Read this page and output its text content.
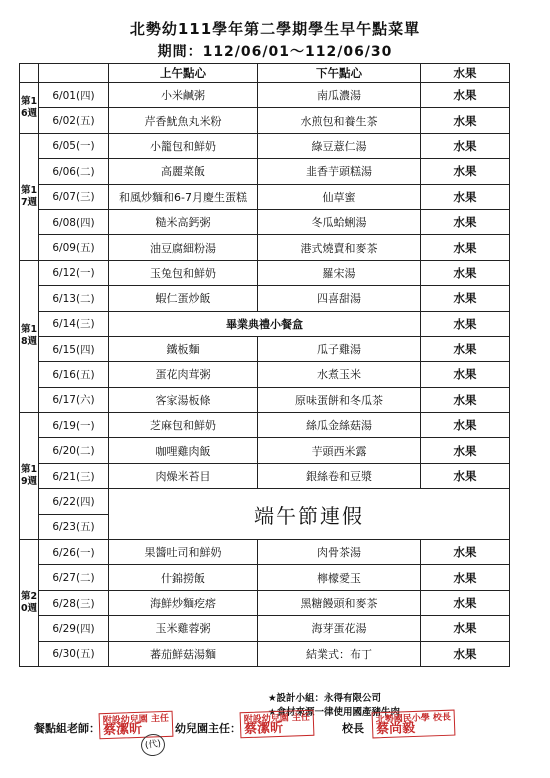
北勢幼111學年第二學期學生早午點菜單
期間：112/06/01～112/06/30
		上午點心	下午點心	水果
第16週	6/01(四)	小米鹹粥	南瓜濃湯	水果
	6/02(五)	芹香魷魚丸米粉	水煎包和養生茶	水果
第17週	6/05(一)	小籠包和鮮奶	綠豆薏仁湯	水果
	6/06(二)	高麗菜飯	韭香芋頭糕湯	水果
	6/07(三)	和風炒麵和6-7月慶生蛋糕	仙草蜜	水果
	6/08(四)	糙米高鈣粥	冬瓜蛤蜊湯	水果
	6/09(五)	油豆腐細粉湯	港式燒賣和麥茶	水果
第18週	6/12(一)	玉兔包和鮮奶	羅宋湯	水果
	6/13(二)	蝦仁蛋炒飯	四喜甜湯	水果
	6/14(三)	畢業典禮小餐盒		水果
	6/15(四)	鐵板麵	瓜子雞湯	水果
	6/16(五)	蛋花肉茸粥	水煮玉米	水果
	6/17(六)	客家湯板條	原味蛋餅和冬瓜茶	水果
第19週	6/19(一)	芝麻包和鮮奶	絲瓜金絲菇湯	水果
	6/20(二)	咖哩雞肉飯	芋頭西米露	水果
	6/21(三)	肉燥米苔目	銀絲卷和豆漿	水果
	6/22(四)	端午節連假		
	6/23(五)			
第20週	6/26(一)	果醬吐司和鮮奶	肉骨茶湯	水果
	6/27(二)	什錦撈飯	檸檬愛玉	水果
	6/28(三)	海鮮炒麵疙瘩	黑糖饅頭和麥茶	水果
	6/29(四)	玉米雞蓉粥	海芽蛋花湯	水果
	6/30(五)	蕃茄鮮菇湯麵	結業式：布丁	水果
★設計小組：永得有限公司
★食材來源一律使用國產豬牛肉
餐點組老師：
附設幼兒園 主任
蔡潔昕
(代)
幼兒園主任：
附設幼兒園 主任
蔡潔昕	校長
北勢國民小學 校長
蔡尚毅
